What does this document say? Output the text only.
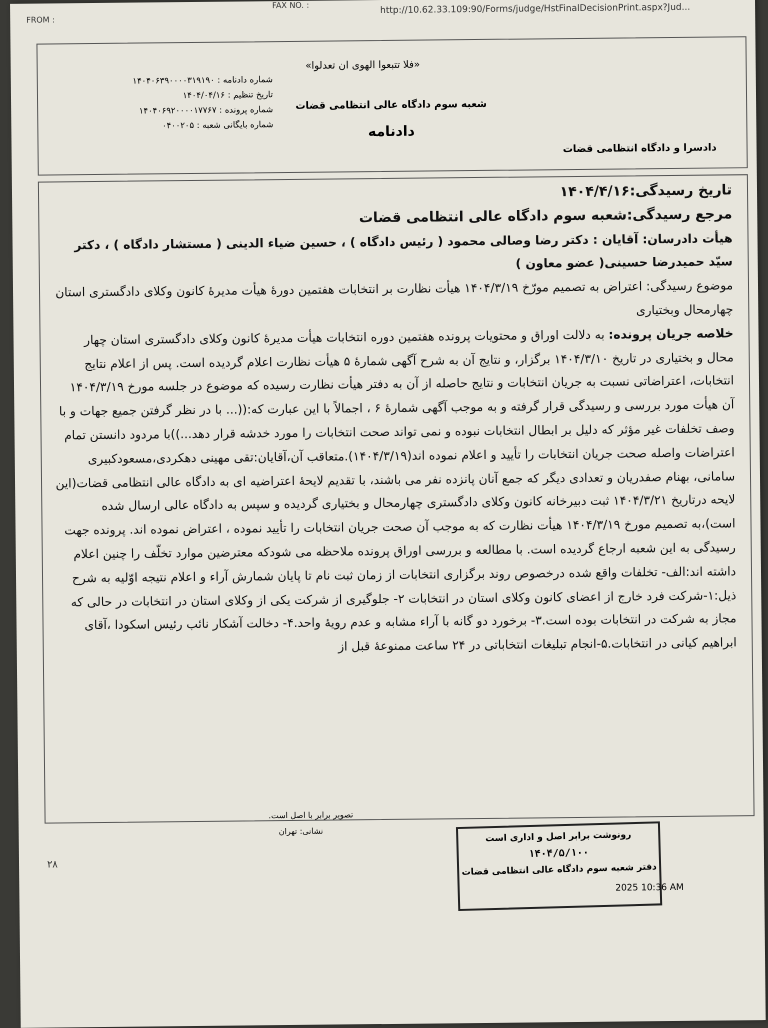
FROM :
FAX NO. :	http://10.62.33.109:90/Forms/judge/HstFinalDecisionPrint.aspx?Jud...
«فلا تتبعوا الهوى ان تعدلوا»
شماره دادنامه : ۱۴۰۴۰۶۳۹۰۰۰۰۳۱۹۱۹۰
تاریخ تنظیم : ۱۴۰۴/۰۴/۱۶
شماره پرونده : ۱۴۰۴۰۶۹۲۰۰۰۰۱۷۷۶۷
شماره بایگانی شعبه : ۰۴۰۰۲۰۵
شعبه سوم دادگاه عالی انتظامی قضات
دادنامه
دادسرا و دادگاه انتظامی قضات

تاریخ رسیدگی:۱۴۰۴/۴/۱۶

مرجع رسیدگی:شعبه سوم دادگاه عالی انتظامی قضات

هیأت دادرسان: آقایان : دکتر رضا وصالی محمود ( رئیس دادگاه ) ، حسین ضیاء الدینی ( مستشار دادگاه ) ، دکتر سیّد حمیدرضا حسینی( عضو معاون )

موضوع رسیدگی: اعتراض به تصمیم مورّخ ۱۴۰۴/۳/۱۹ هیأت نظارت بر انتخابات هفتمین دورهٔ هیأت مدیرهٔ کانون وکلای دادگستری استان چهارمحال وبختیاری

خلاصه جریان پرونده: به دلالت اوراق و محتویات پرونده هفتمین دوره انتخابات هیأت مدیرهٔ کانون وکلای دادگستری استان چهار محال و بختیاری در تاریخ ۱۴۰۴/۳/۱۰ برگزار، و نتایج آن به شرح آگهی شمارهٔ ۵ هیأت نظارت اعلام گردیده است. پس از اعلام نتایج انتخابات، اعتراضاتی نسبت به جریان انتخابات و نتایج حاصله از آن به دفتر هیأت نظارت رسیده که موضوع در جلسه مورخ ۱۴۰۴/۳/۱۹ آن هیأت مورد بررسی و رسیدگی قرار گرفته و به موجب آگهی شمارهٔ ۶ ، اجمالاً با این عبارت که:((... با در نظر گرفتن جمیع جهات و با وصف تخلفات غیر مؤثر که دلیل بر ابطال انتخابات نبوده و نمی تواند صحت انتخابات را مورد خدشه قرار دهد...))با مردود دانستن تمام اعتراضات واصله صحت جریان انتخابات را تأیید و اعلام نموده اند(۱۴۰۴/۳/۱۹).متعاقب آن،آقایان:تقی مهینی دهکردی،مسعودکبیری سامانی، بهنام صفدریان و تعدادی دیگر که جمع آنان پانزده نفر می باشند، با تقدیم لایحهٔ اعتراضیه ای به دادگاه عالی انتظامی قضات(این لایحه درتاریخ ۱۴۰۴/۳/۲۱ ثبت دبیرخانه کانون وکلای دادگستری چهارمحال و بختیاری گردیده و سپس به دادگاه عالی ارسال شده است)،به تصمیم مورخ ۱۴۰۴/۳/۱۹ هیأت نظارت که به موجب آن صحت جریان انتخابات را تأیید نموده ، اعتراض نموده اند. پرونده جهت رسیدگی به این شعبه ارجاع گردیده است. با مطالعه و بررسی اوراق پرونده ملاحظه می شودکه معترضین موارد تخلّف را چنین اعلام داشته اند:الف- تخلفات واقع شده درخصوص روند برگزاری انتخابات از زمان ثبت نام تا پایان شمارش آراء و اعلام نتیجه اوّلیه به شرح ذیل:۱-شرکت فرد خارج از اعضای کانون وکلای استان در انتخابات ۲- جلوگیری از شرکت یکی از وکلای استان در انتخابات در حالی که مجاز به شرکت در انتخابات بوده است.۳- برخورد دو گانه با آراء مشابه و عدم رویهٔ واحد.۴- دخالت آشکار نائب رئیس اسکودا ،آقای ابراهیم کیانی در انتخابات.۵-انجام تبلیغات انتخاباتی در ۲۴ ساعت ممنوعهٔ قبل از

تصویر برابر با اصل است.
نشانی: تهران
۲۸
رونوشت برابر اصل و اداری است
۱۴۰۴/۵/۱۰۰
دفتر شعبه سوم دادگاه عالی انتظامی قضات
2025 10:36 AM
